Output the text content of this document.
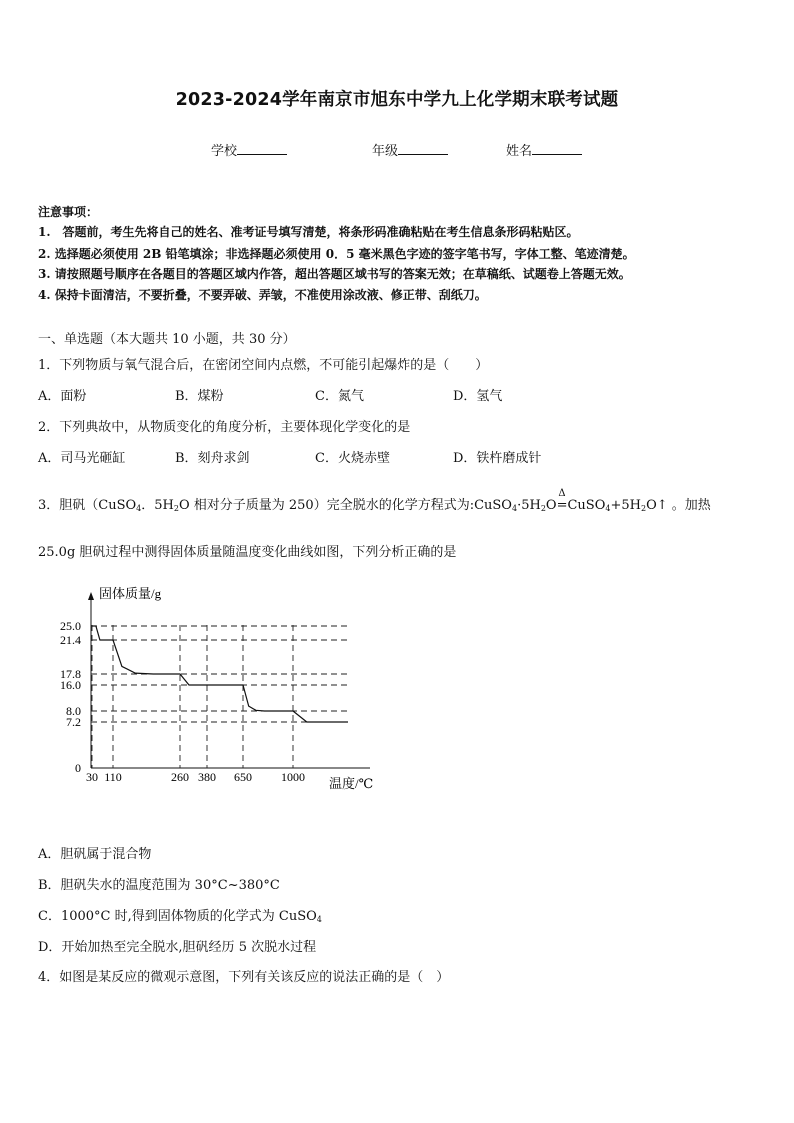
2023-2024学年南京市旭东中学九上化学期末联考试题
学校	年级	姓名
注意事项：
1.　答题前，考生先将自己的姓名、准考证号填写清楚，将条形码准确粘贴在考生信息条形码粘贴区。
2. 选择题必须使用 2B 铅笔填涂；非选择题必须使用 0．5 毫米黑色字迹的签字笔书写，字体工整、笔迹清楚。
3. 请按照题号顺序在各题目的答题区域内作答，超出答题区域书写的答案无效；在草稿纸、试题卷上答题无效。
4. 保持卡面清洁，不要折叠，不要弄破、弄皱，不准使用涂改液、修正带、刮纸刀。
一、单选题（本大题共 10 小题，共 30 分）
1．下列物质与氧气混合后，在密闭空间内点燃，不可能引起爆炸的是（　　）
A．面粉	B．煤粉	C．氮气	D．氢气
2．下列典故中，从物质变化的角度分析，主要体现化学变化的是
A．司马光砸缸	B．刻舟求剑	C．火烧赤壁	D．铁杵磨成针
3．胆矾（CuSO$_4$．$5H_2O$ 相对分子质量为 250）完全脱水的化学方程式为$:CuSO_4\cdot 5H_2O$
Δ
$=CuSO_4+5H_2O↑$ 。加热
25.0g 胆矾过程中测得固体质量随温度变化曲线如图，下列分析正确的是
25.0
21.4
17.8
16.0
8.0
7.2
0
30 110	260 380 650 1000
固体质量/g
温度/℃
A．胆矾属于混合物
B．胆矾失水的温度范围为 30°C~380°C
C．1000°C 时,得到固体物质的化学式为 CuSO$_4$
D．开始加热至完全脱水,胆矾经历 5 次脱水过程
4．如图是某反应的微观示意图，下列有关该反应的说法正确的是（　）
